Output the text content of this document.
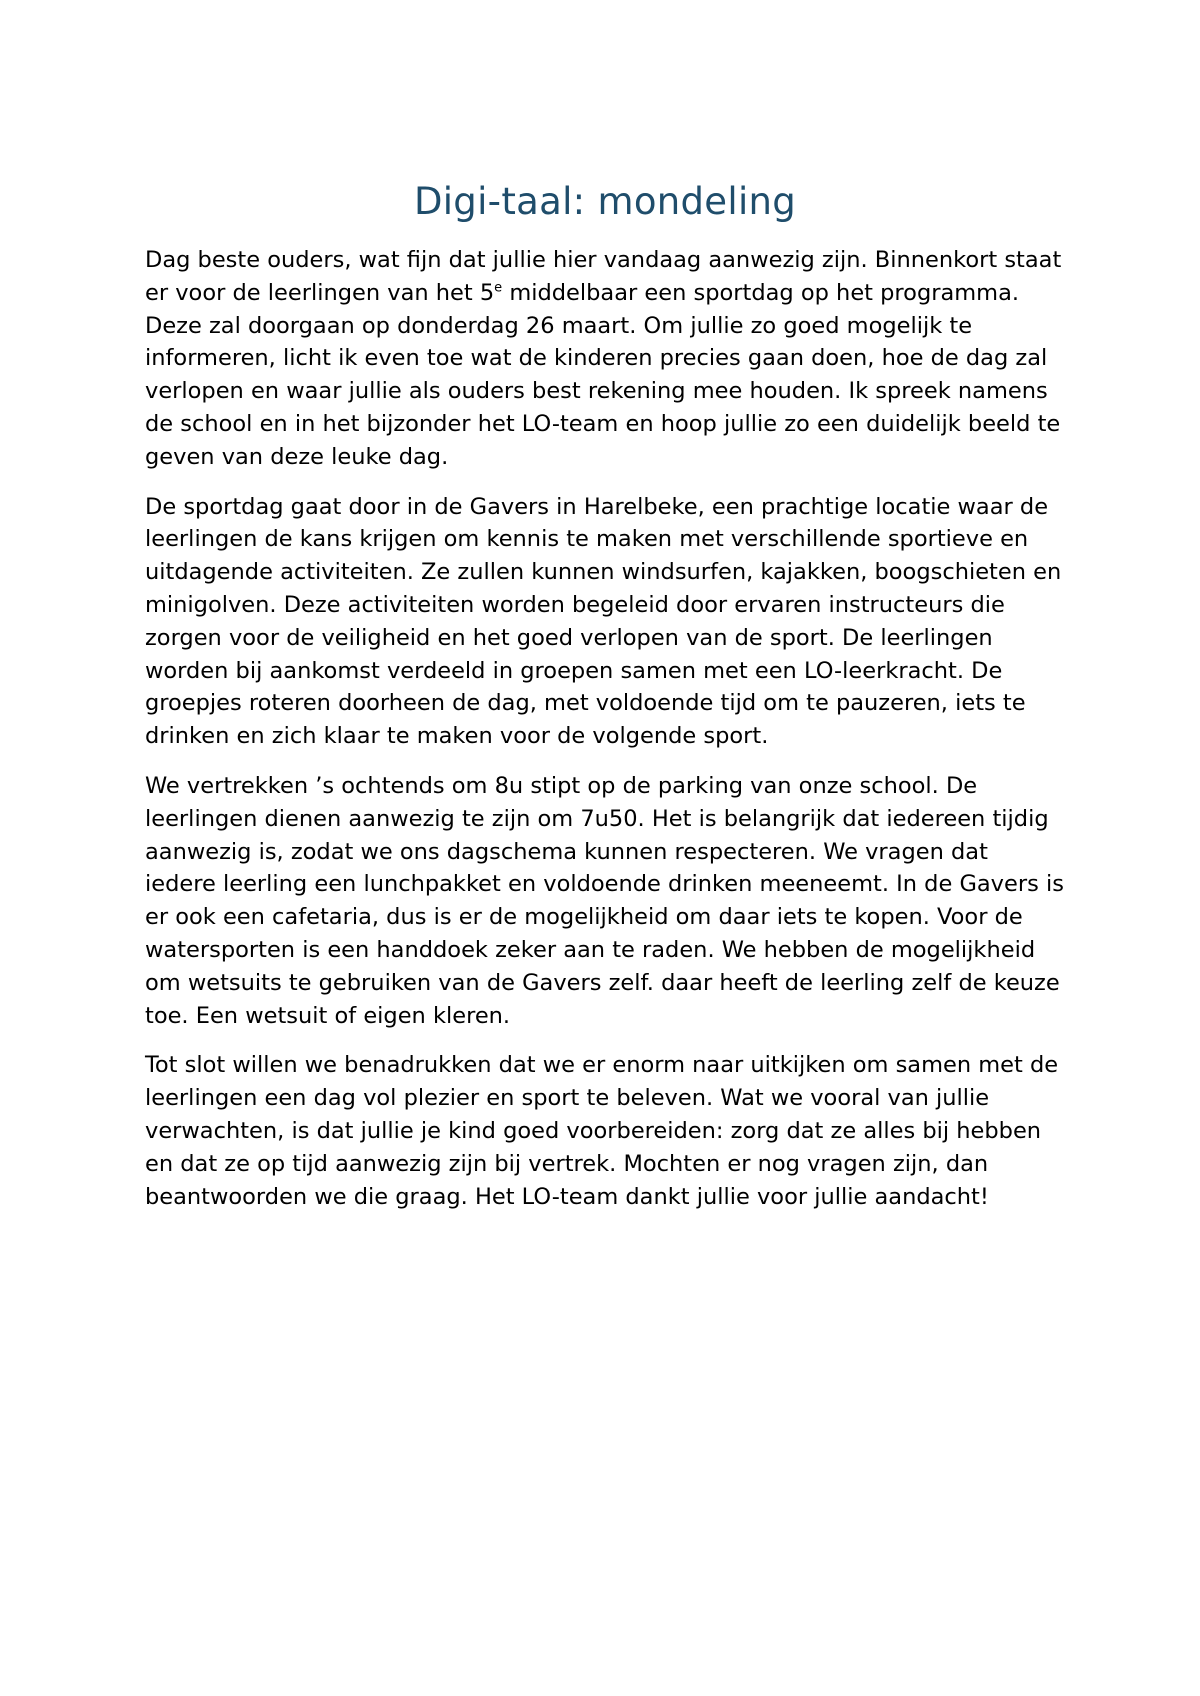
Digi-taal: mondeling

Dag beste ouders, wat fijn dat jullie hier vandaag aanwezig zijn. Binnenkort staat er voor de leerlingen van het 5e middelbaar een sportdag op het programma. Deze zal doorgaan op donderdag 26 maart. Om jullie zo goed mogelijk te informeren, licht ik even toe wat de kinderen precies gaan doen, hoe de dag zal verlopen en waar jullie als ouders best rekening mee houden. Ik spreek namens de school en in het bijzonder het LO-team en hoop jullie zo een duidelijk beeld te geven van deze leuke dag.

De sportdag gaat door in de Gavers in Harelbeke, een prachtige locatie waar de leerlingen de kans krijgen om kennis te maken met verschillende sportieve en uitdagende activiteiten. Ze zullen kunnen windsurfen, kajakken, boogschieten en minigolven. Deze activiteiten worden begeleid door ervaren instructeurs die zorgen voor de veiligheid en het goed verlopen van de sport. De leerlingen worden bij aankomst verdeeld in groepen samen met een LO-leerkracht. De groepjes roteren doorheen de dag, met voldoende tijd om te pauzeren, iets te drinken en zich klaar te maken voor de volgende sport.

We vertrekken ’s ochtends om 8u stipt op de parking van onze school. De leerlingen dienen aanwezig te zijn om 7u50. Het is belangrijk dat iedereen tijdig aanwezig is, zodat we ons dagschema kunnen respecteren. We vragen dat iedere leerling een lunchpakket en voldoende drinken meeneemt. In de Gavers is er ook een cafetaria, dus is er de mogelijkheid om daar iets te kopen. Voor de watersporten is een handdoek zeker aan te raden. We hebben de mogelijkheid om wetsuits te gebruiken van de Gavers zelf. daar heeft de leerling zelf de keuze toe. Een wetsuit of eigen kleren.

Tot slot willen we benadrukken dat we er enorm naar uitkijken om samen met de leerlingen een dag vol plezier en sport te beleven. Wat we vooral van jullie verwachten, is dat jullie je kind goed voorbereiden: zorg dat ze alles bij hebben en dat ze op tijd aanwezig zijn bij vertrek. Mochten er nog vragen zijn, dan beantwoorden we die graag. Het LO-team dankt jullie voor jullie aandacht!
